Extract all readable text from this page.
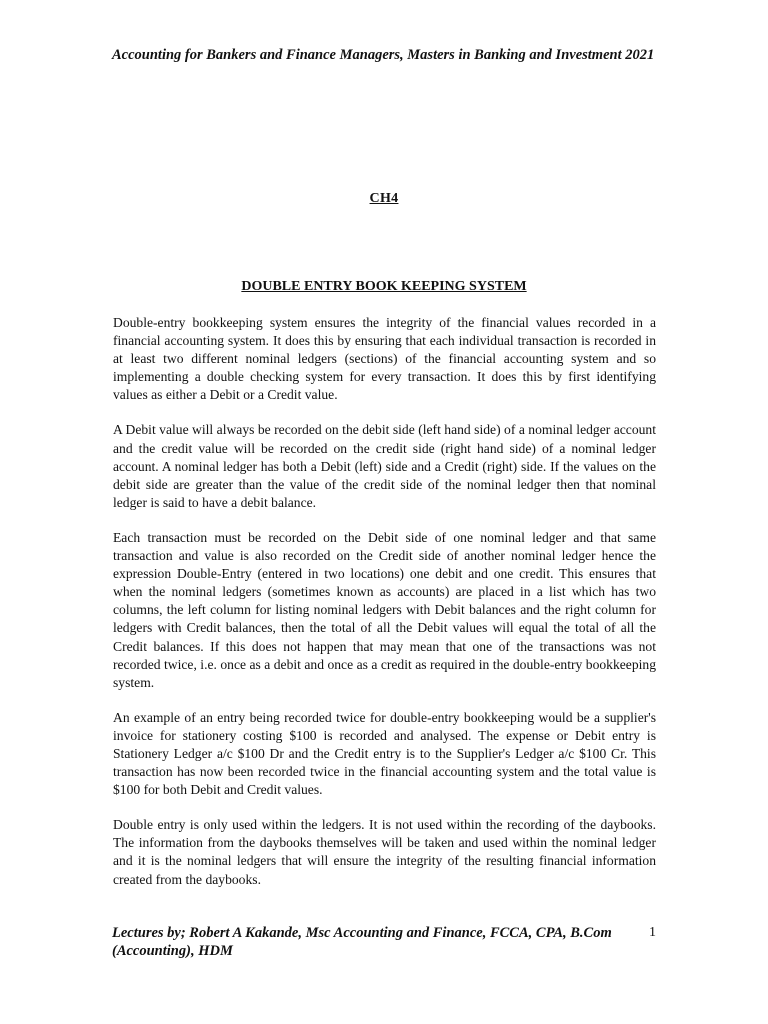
Accounting for Bankers and Finance Managers, Masters in Banking and Investment 2021
CH4
DOUBLE ENTRY BOOK KEEPING SYSTEM

Double-entry bookkeeping system ensures the integrity of the financial values recorded in a financial accounting system. It does this by ensuring that each individual transaction is recorded in at least two different nominal ledgers (sections) of the financial accounting system and so implementing a double checking system for every transaction. It does this by first identifying values as either a Debit or a Credit value.

A Debit value will always be recorded on the debit side (left hand side) of a nominal ledger account and the credit value will be recorded on the credit side (right hand side) of a nominal ledger account. A nominal ledger has both a Debit (left) side and a Credit (right) side. If the values on the debit side are greater than the value of the credit side of the nominal ledger then that nominal ledger is said to have a debit balance.

Each transaction must be recorded on the Debit side of one nominal ledger and that same transaction and value is also recorded on the Credit side of another nominal ledger hence the expression Double-Entry (entered in two locations) one debit and one credit. This ensures that when the nominal ledgers (sometimes known as accounts) are placed in a list which has two columns, the left column for listing nominal ledgers with Debit balances and the right column for ledgers with Credit balances, then the total of all the Debit values will equal the total of all the Credit balances. If this does not happen that may mean that one of the transactions was not recorded twice, i.e. once as a debit and once as a credit as required in the double-entry bookkeeping system.

An example of an entry being recorded twice for double-entry bookkeeping would be a supplier's invoice for stationery costing $100 is recorded and analysed. The expense or Debit entry is Stationery Ledger a/c $100 Dr and the Credit entry is to the Supplier's Ledger a/c $100 Cr. This transaction has now been recorded twice in the financial accounting system and the total value is $100 for both Debit and Credit values.

Double entry is only used within the ledgers. It is not used within the recording of the daybooks. The information from the daybooks themselves will be taken and used within the nominal ledger and it is the nominal ledgers that will ensure the integrity of the resulting financial information created from the daybooks.

Lectures by; Robert A Kakande, Msc Accounting and Finance, FCCA, CPA, B.Com (Accounting), HDM
1
